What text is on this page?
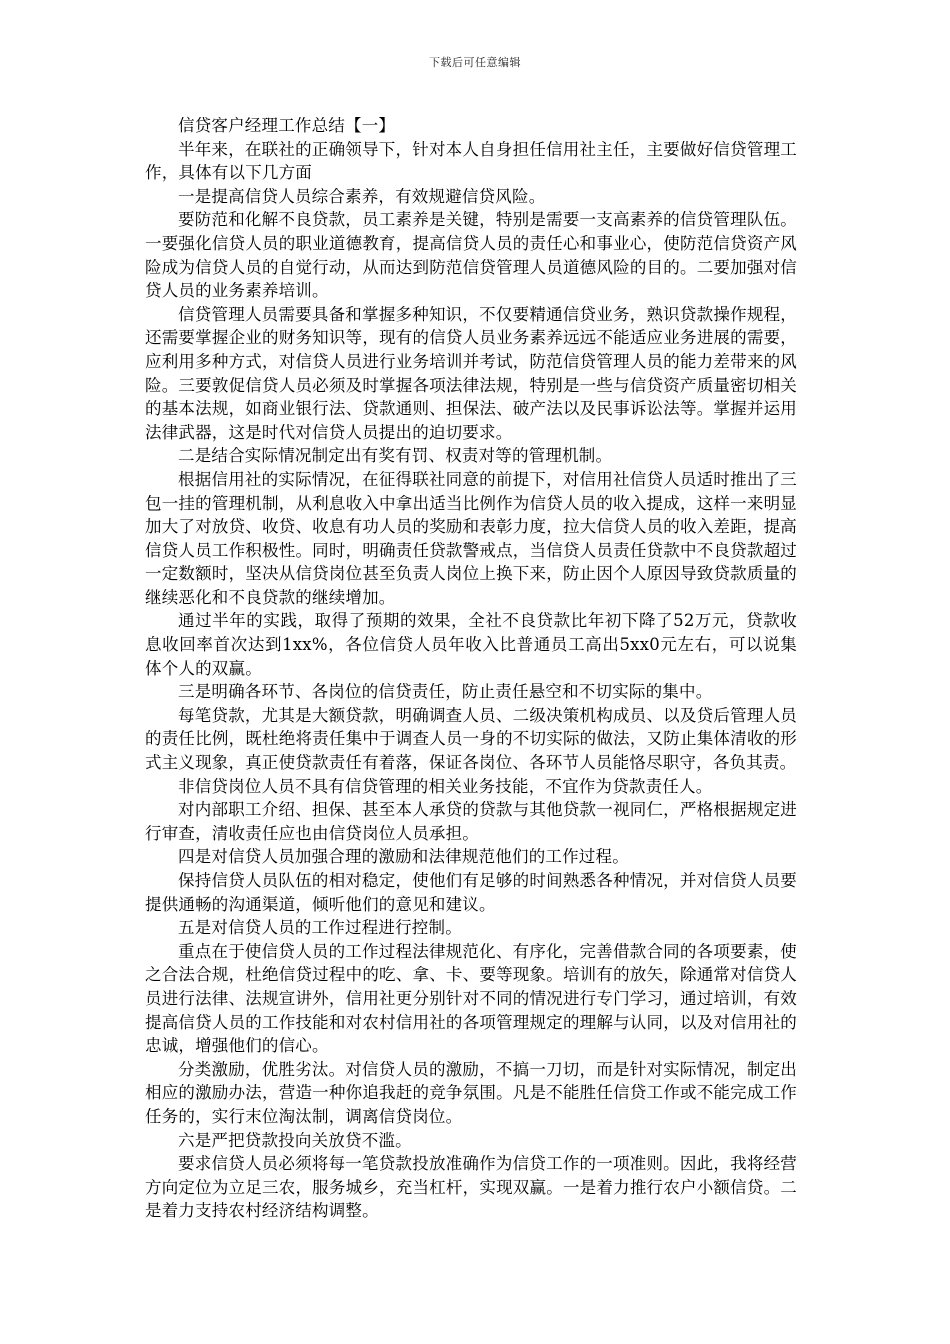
下载后可任意编辑

信贷客户经理工作总结【一】

半年来，在联社的正确领导下，针对本人自身担任信用社主任，主要做好信贷管理工作，具体有以下几方面

一是提高信贷人员综合素养，有效规避信贷风险。

要防范和化解不良贷款，员工素养是关键，特别是需要一支高素养的信贷管理队伍。一要强化信贷人员的职业道德教育，提高信贷人员的责任心和事业心，使防范信贷资产风险成为信贷人员的自觉行动，从而达到防范信贷管理人员道德风险的目的。二要加强对信贷人员的业务素养培训。

信贷管理人员需要具备和掌握多种知识，不仅要精通信贷业务，熟识贷款操作规程，还需要掌握企业的财务知识等，现有的信贷人员业务素养远远不能适应业务进展的需要，应利用多种方式，对信贷人员进行业务培训并考试，防范信贷管理人员的能力差带来的风险。三要敦促信贷人员必须及时掌握各项法律法规，特别是一些与信贷资产质量密切相关的基本法规，如商业银行法、贷款通则、担保法、破产法以及民事诉讼法等。掌握并运用法律武器，这是时代对信贷人员提出的迫切要求。

二是结合实际情况制定出有奖有罚、权责对等的管理机制。

根据信用社的实际情况，在征得联社同意的前提下，对信用社信贷人员适时推出了三包一挂的管理机制，从利息收入中拿出适当比例作为信贷人员的收入提成，这样一来明显加大了对放贷、收贷、收息有功人员的奖励和表彰力度，拉大信贷人员的收入差距，提高信贷人员工作积极性。同时，明确责任贷款警戒点，当信贷人员责任贷款中不良贷款超过一定数额时，坚决从信贷岗位甚至负责人岗位上换下来，防止因个人原因导致贷款质量的继续恶化和不良贷款的继续增加。

通过半年的实践，取得了预期的效果，全社不良贷款比年初下降了52万元，贷款收息收回率首次达到1xx%，各位信贷人员年收入比普通员工高出5xx0元左右，可以说集体个人的双赢。

三是明确各环节、各岗位的信贷责任，防止责任悬空和不切实际的集中。

每笔贷款，尤其是大额贷款，明确调查人员、二级决策机构成员、以及贷后管理人员的责任比例，既杜绝将责任集中于调查人员一身的不切实际的做法，又防止集体清收的形式主义现象，真正使贷款责任有着落，保证各岗位、各环节人员能恪尽职守，各负其责。

非信贷岗位人员不具有信贷管理的相关业务技能，不宜作为贷款责任人。

对内部职工介绍、担保、甚至本人承贷的贷款与其他贷款一视同仁，严格根据规定进行审查，清收责任应也由信贷岗位人员承担。

四是对信贷人员加强合理的激励和法律规范他们的工作过程。

保持信贷人员队伍的相对稳定，使他们有足够的时间熟悉各种情况，并对信贷人员要提供通畅的沟通渠道，倾听他们的意见和建议。

五是对信贷人员的工作过程进行控制。

重点在于使信贷人员的工作过程法律规范化、有序化，完善借款合同的各项要素，使之合法合规，杜绝信贷过程中的吃、拿、卡、要等现象。培训有的放矢，除通常对信贷人员进行法律、法规宣讲外，信用社更分别针对不同的情况进行专门学习，通过培训，有效提高信贷人员的工作技能和对农村信用社的各项管理规定的理解与认同，以及对信用社的忠诚，增强他们的信心。

分类激励，优胜劣汰。对信贷人员的激励，不搞一刀切，而是针对实际情况，制定出相应的激励办法，营造一种你追我赶的竞争氛围。凡是不能胜任信贷工作或不能完成工作任务的，实行末位淘汰制，调离信贷岗位。

六是严把贷款投向关放贷不滥。

要求信贷人员必须将每一笔贷款投放准确作为信贷工作的一项准则。因此，我将经营方向定位为立足三农，服务城乡，充当杠杆，实现双赢。一是着力推行农户小额信贷。二是着力支持农村经济结构调整。
